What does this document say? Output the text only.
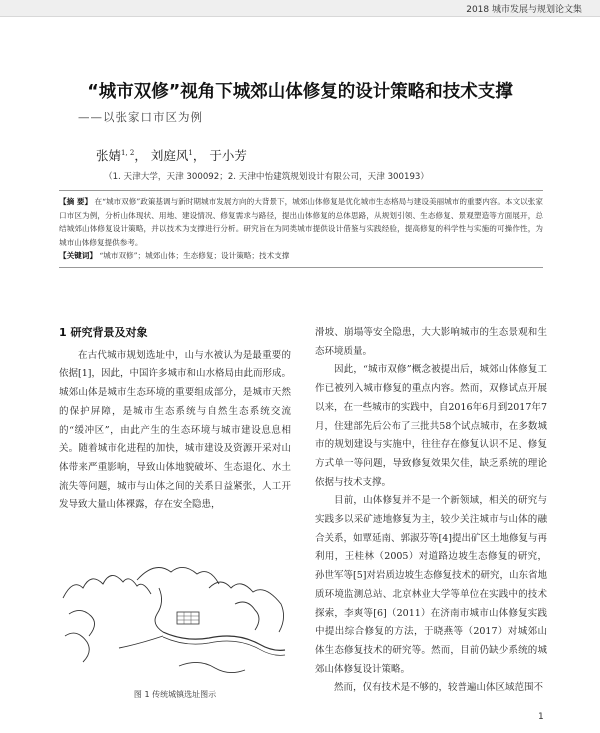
2018 城市发展与规划论文集
“城市双修”视角下城郊山体修复的设计策略和技术支撑
——以张家口市区为例
张婧$^{1, 2}$， 刘庭风$^1$， 于小芳
（1. 天津大学，天津 300092；2. 天津中怡建筑规划设计有限公司，天津 300193）

【摘 要】 在“城市双修”政策基调与新时期城市发展方向的大背景下，城郊山体修复是优化城市生态格局与建设美丽城市的重要内容。本文以张家口市区为例，分析山体现状、用地、建设情况、修复需求与路径，提出山体修复的总体思路，从规划引领、生态修复、景观塑造等方面展开，总结城郊山体修复设计策略，并以技术为支撑进行分析。研究旨在为同类城市提供设计借鉴与实践经验，提高修复的科学性与实施的可操作性，为城市山体修复提供参考。

【关键词】 “城市双修”；城郊山体；生态修复；设计策略；技术支撑

1 研究背景及对象

在古代城市规划选址中，山与水被认为是最重要的依据[1]，因此，中国许多城市和山水格局由此而形成。城郊山体是城市生态环境的重要组成部分，是城市天然的保护屏障，是城市生态系统与自然生态系统交流的“缓冲区”，由此产生的生态环境与城市建设息息相关。随着城市化进程的加快，城市建设及资源开采对山体带来严重影响，导致山体地貌破坏、生态退化、水土流失等问题，城市与山体之间的关系日益紧张，人工开发导致大量山体裸露，存在安全隐患，

图 1 传统城镇选址图示

滑坡、崩塌等安全隐患，大大影响城市的生态景观和生态环境质量。

因此，“城市双修”概念被提出后，城郊山体修复工作已被列入城市修复的重点内容。然而，双修试点开展以来，在一些城市的实践中，自2016年6月到2017年7月，住建部先后公布了三批共58个试点城市，在多数城市的规划建设与实施中，往往存在修复认识不足、修复方式单一等问题，导致修复效果欠佳，缺乏系统的理论依据与技术支撑。

目前，山体修复并不是一个新领域，相关的研究与实践多以采矿迹地修复为主，较少关注城市与山体的融合关系，如覃延南、郭淑芬等[4]提出矿区土地修复与再利用，王桂林（2005）对道路边坡生态修复的研究，孙世军等[5]对岩质边坡生态修复技术的研究，山东省地质环境监测总站、北京林业大学等单位在实践中的技术探索，李爽等[6]（2011）在济南市城市山体修复实践中提出综合修复的方法，于晓燕等（2017）对城郊山体生态修复技术的研究等。然而，目前仍缺少系统的城郊山体修复设计策略。

然而，仅有技术是不够的，较普遍山体区域范围不

1
